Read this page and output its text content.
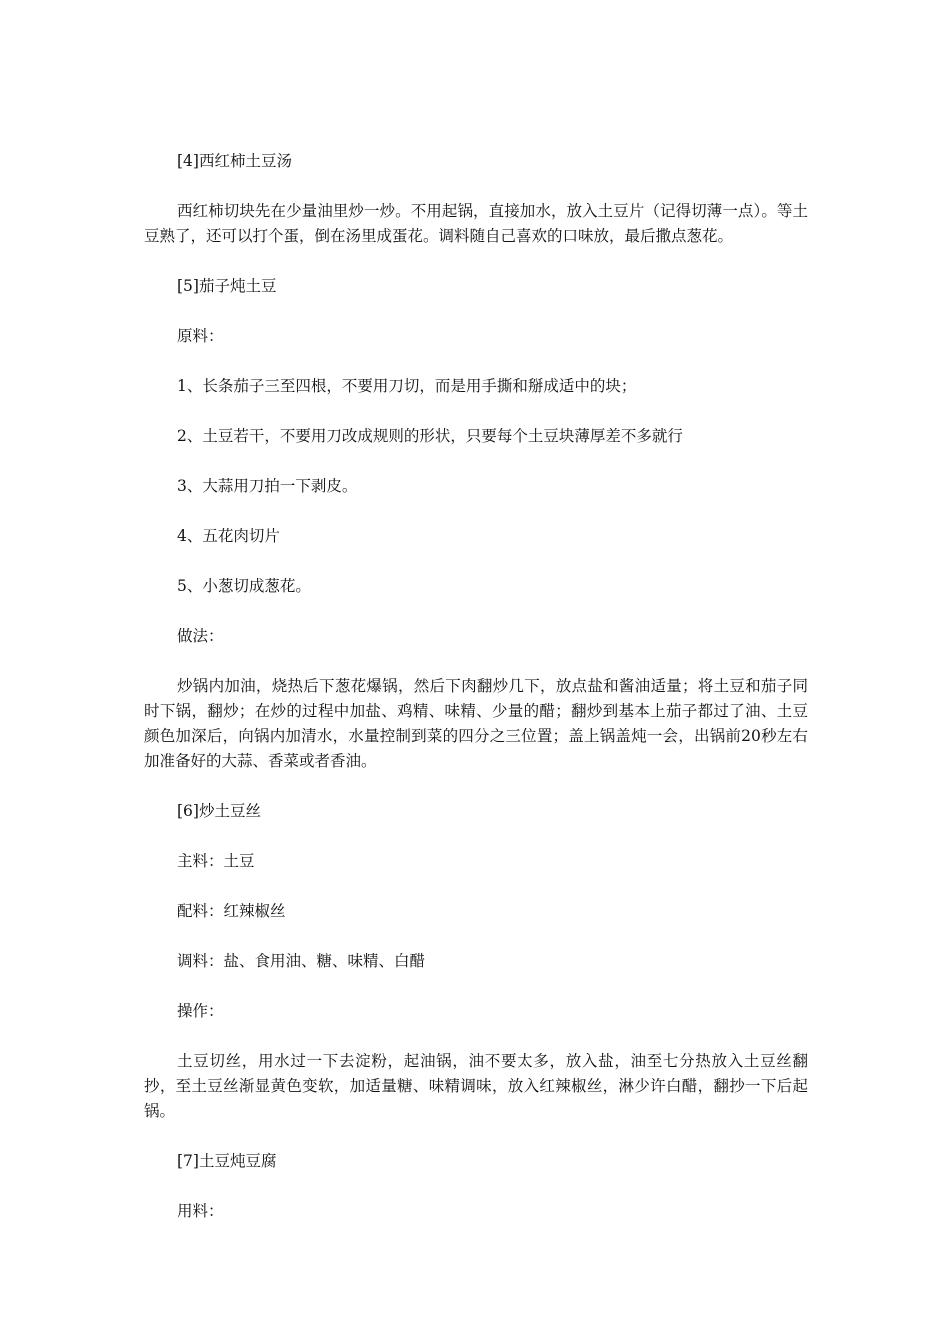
[4]西红柿土豆汤
西红柿切块先在少量油里炒一炒。不用起锅，直接加水，放入土豆片（记得切薄一点）。等土豆熟了，还可以打个蛋，倒在汤里成蛋花。调料随自己喜欢的口味放，最后撒点葱花。
[5]茄子炖土豆
原料：
1、长条茄子三至四根，不要用刀切，而是用手撕和掰成适中的块；
2、土豆若干，不要用刀改成规则的形状，只要每个土豆块薄厚差不多就行
3、大蒜用刀拍一下剥皮。
4、五花肉切片
5、小葱切成葱花。
做法：
炒锅内加油，烧热后下葱花爆锅，然后下肉翻炒几下，放点盐和酱油适量；将土豆和茄子同时下锅，翻炒；在炒的过程中加盐、鸡精、味精、少量的醋；翻炒到基本上茄子都过了油、土豆颜色加深后，向锅内加清水，水量控制到菜的四分之三位置；盖上锅盖炖一会，出锅前20秒左右加准备好的大蒜、香菜或者香油。
[6]炒土豆丝
主料：土豆
配料：红辣椒丝
调料：盐、食用油、糖、味精、白醋
操作：
土豆切丝，用水过一下去淀粉，起油锅，油不要太多，放入盐，油至七分热放入土豆丝翻抄，至土豆丝渐显黄色变软，加适量糖、味精调味，放入红辣椒丝，淋少许白醋，翻抄一下后起锅。
[7]土豆炖豆腐
用料：
